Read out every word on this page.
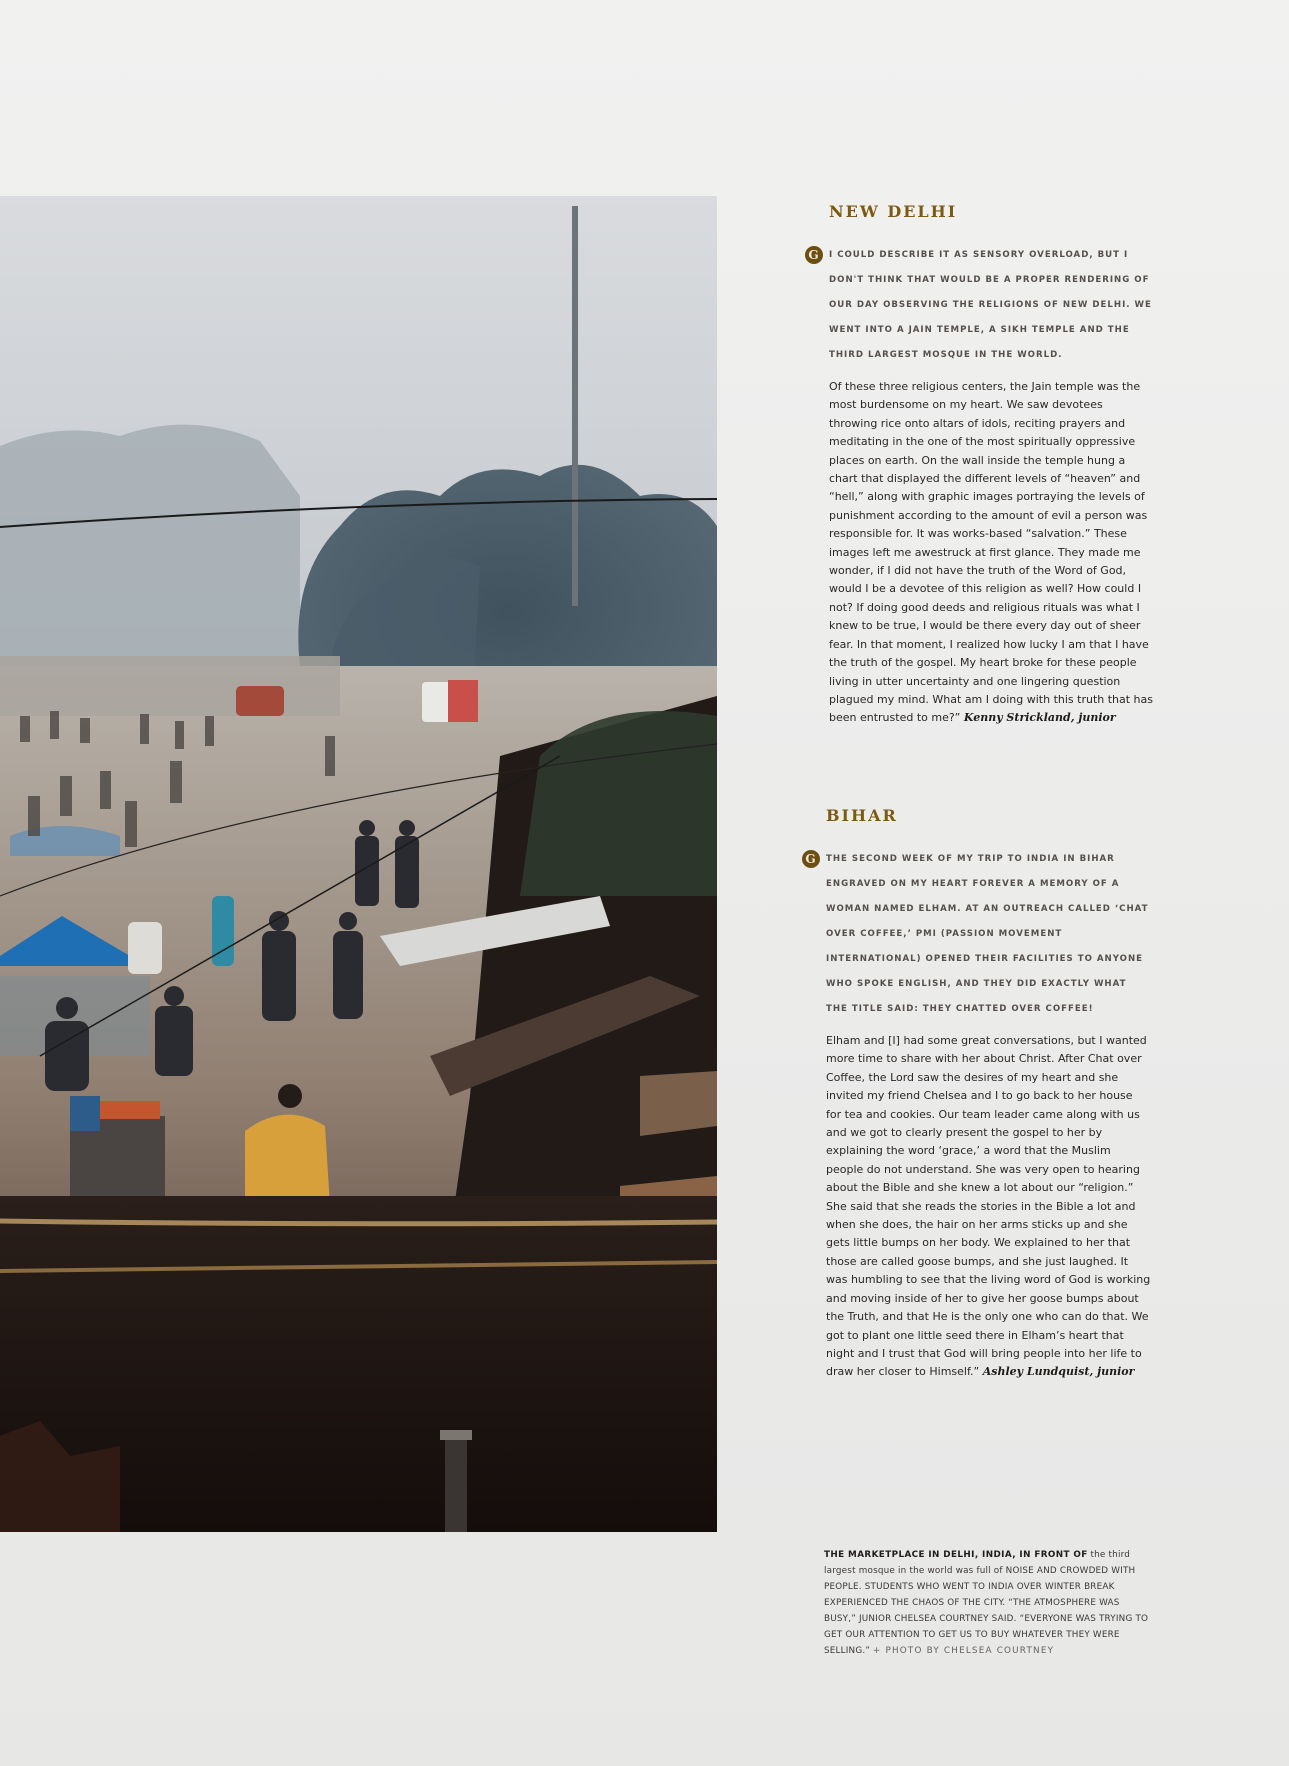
NEW DELHI

G	I COULD DESCRIBE IT AS SENSORY OVERLOAD, BUT I DON'T THINK THAT WOULD BE A PROPER RENDERING OF OUR DAY OBSERVING THE RELIGIONS OF NEW DELHI. WE WENT INTO A JAIN TEMPLE, A SIKH TEMPLE AND THE THIRD LARGEST MOSQUE IN THE WORLD.

Of these three religious centers, the Jain temple was the most burdensome on my heart. We saw devotees throwing rice onto altars of idols, reciting prayers and meditating in the one of the most spiritually oppressive places on earth. On the wall inside the temple hung a chart that displayed the different levels of “heaven” and “hell,” along with graphic images portraying the levels of punishment according to the amount of evil a person was responsible for. It was works-based “salvation.” These images left me awestruck at first glance. They made me wonder, if I did not have the truth of the Word of God, would I be a devotee of this religion as well? How could I not? If doing good deeds and religious rituals was what I knew to be true, I would be there every day out of sheer fear. In that moment, I realized how lucky I am that I have the truth of the gospel. My heart broke for these people living in utter uncertainty and one lingering question plagued my mind. What am I doing with this truth that has been entrusted to me?” Kenny Strickland, junior

BIHAR

G	THE SECOND WEEK OF MY TRIP TO INDIA IN BIHAR ENGRAVED ON MY HEART FOREVER A MEMORY OF A WOMAN NAMED ELHAM. AT AN OUTREACH CALLED ‘CHAT OVER COFFEE,’ PMI (PASSION MOVEMENT INTERNATIONAL) OPENED THEIR FACILITIES TO ANYONE WHO SPOKE ENGLISH, AND THEY DID EXACTLY WHAT THE TITLE SAID: THEY CHATTED OVER COFFEE!

Elham and [I] had some great conversations, but I wanted more time to share with her about Christ. After Chat over Coffee, the Lord saw the desires of my heart and she invited my friend Chelsea and I to go back to her house for tea and cookies. Our team leader came along with us and we got to clearly present the gospel to her by explaining the word ‘grace,’ a word that the Muslim people do not understand. She was very open to hearing about the Bible and she knew a lot about our “religion.” She said that she reads the stories in the Bible a lot and when she does, the hair on her arms sticks up and she gets little bumps on her body. We explained to her that those are called goose bumps, and she just laughed. It was humbling to see that the living word of God is working and moving inside of her to give her goose bumps about the Truth, and that He is the only one who can do that. We got to plant one little seed there in Elham’s heart that night and I trust that God will bring people into her life to draw her closer to Himself.” Ashley Lundquist, junior

THE MARKETPLACE IN DELHI, INDIA, IN FRONT OF the third largest mosque in the world was full of NOISE AND CROWDED WITH PEOPLE. STUDENTS WHO WENT TO INDIA OVER WINTER BREAK EXPERIENCED THE CHAOS OF THE CITY. “THE ATMOSPHERE WAS BUSY,” JUNIOR CHELSEA COURTNEY SAID. “EVERYONE WAS TRYING TO GET OUR ATTENTION TO GET US TO BUY WHATEVER THEY WERE SELLING.” + PHOTO BY CHELSEA COURTNEY
